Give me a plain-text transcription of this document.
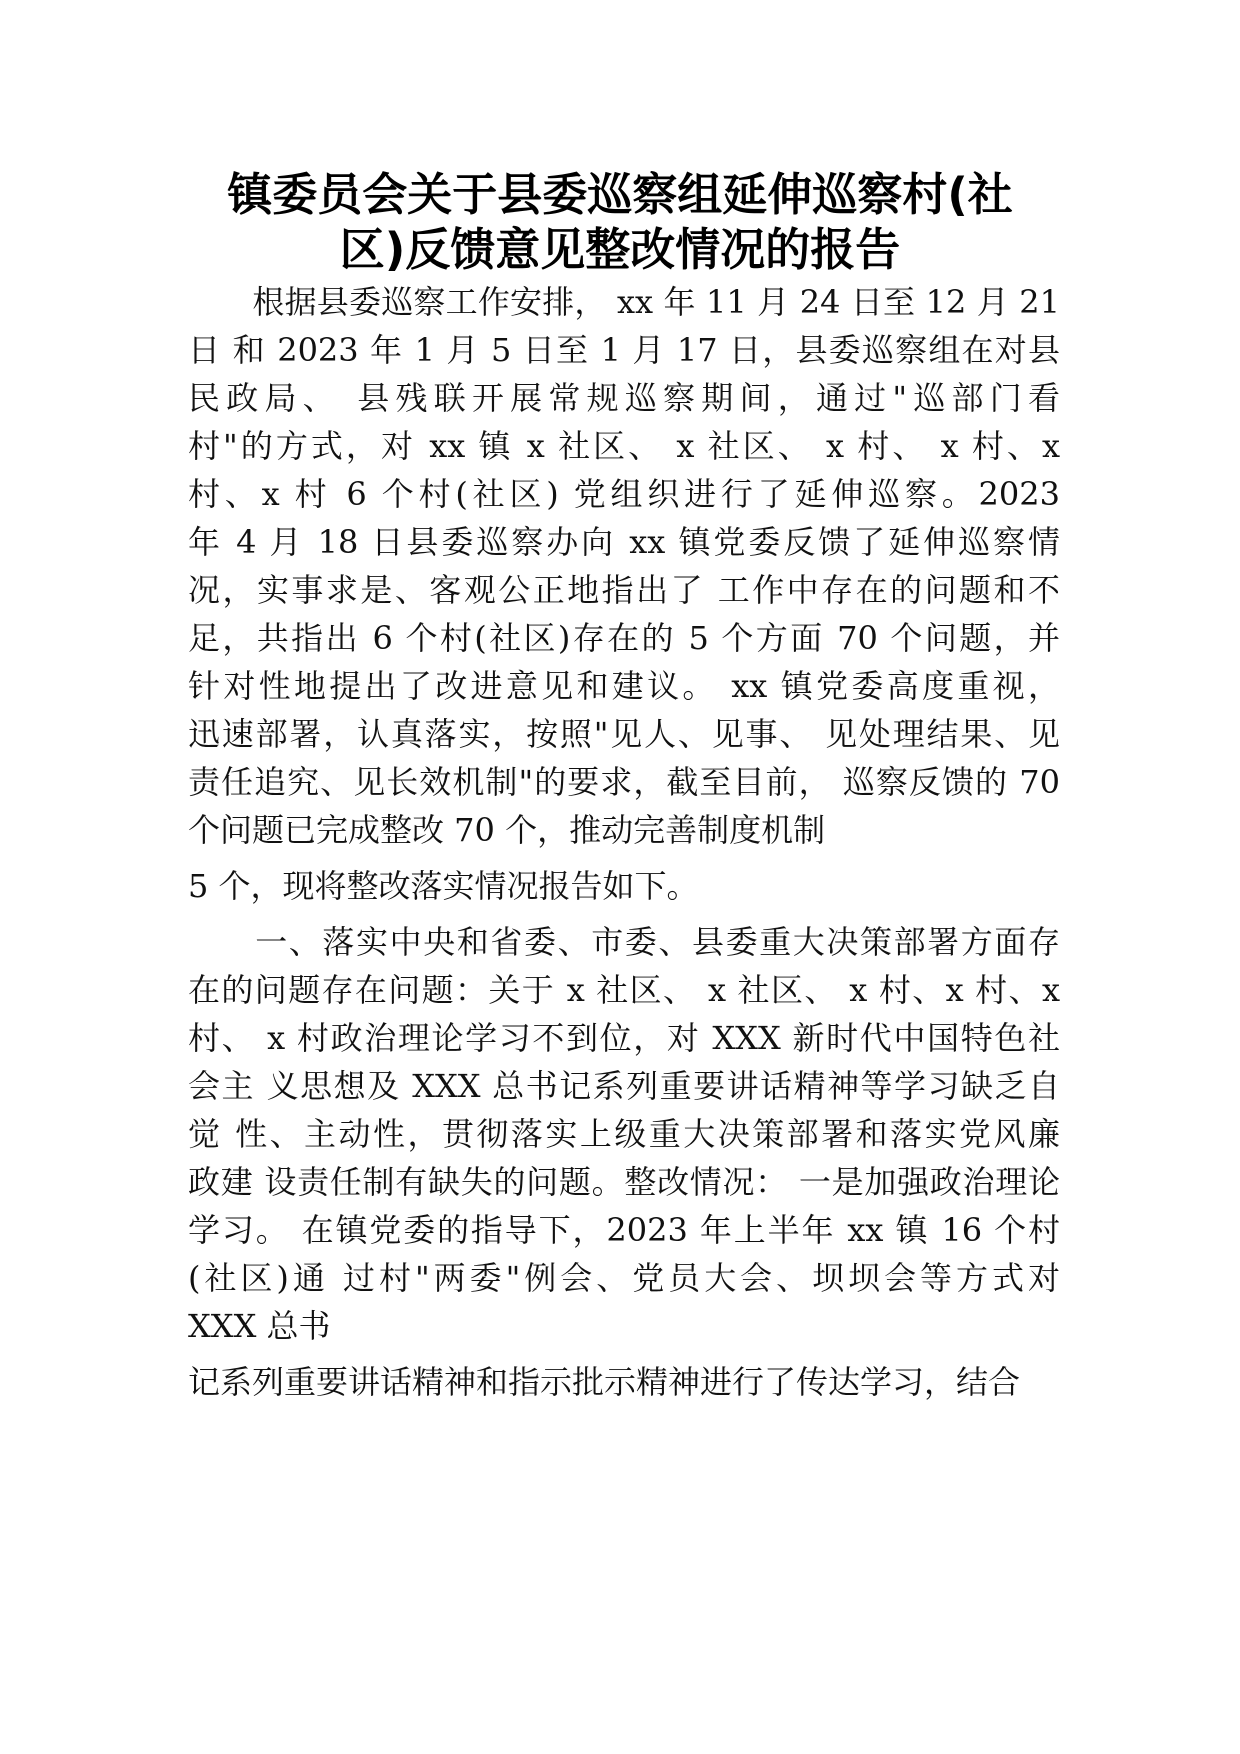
镇委员会关于县委巡察组延伸巡察村(社
区)反馈意见整改情况的报告
　　根据县委巡察工作安排， xx 年 11 月 24 日至 12 月 21
日 和 2023 年 1 月 5 日至 1 月 17 日，县委巡察组在对县
民政局、 县残联开展常规巡察期间，通过"巡部门看
村"的方式，对 xx 镇 x 社区、 x 社区、 x 村、 x 村、x
村、x 村 6 个村(社区) 党组织进行了延伸巡察。2023
年 4 月 18 日县委巡察办向 xx 镇党委反馈了延伸巡察情
况，实事求是、客观公正地指出了 工作中存在的问题和不
足，共指出 6 个村(社区)存在的 5 个方面 70 个问题，并
针对性地提出了改进意见和建议。 xx 镇党委高度重视，
迅速部署，认真落实，按照"见人、见事、 见处理结果、见
责任追究、见长效机制"的要求，截至目前， 巡察反馈的 70
个问题已完成整改 70 个，推动完善制度机制
5 个，现将整改落实情况报告如下。
　　一、落实中央和省委、市委、县委重大决策部署方面存
在的问题存在问题：关于 x 社区、 x 社区、 x 村、x 村、x
村、 x 村政治理论学习不到位，对 XXX 新时代中国特色社
会主 义思想及 XXX 总书记系列重要讲话精神等学习缺乏自
觉 性、主动性，贯彻落实上级重大决策部署和落实党风廉
政建 设责任制有缺失的问题。整改情况： 一是加强政治理论
学习。 在镇党委的指导下，2023 年上半年 xx 镇 16 个村
(社区)通 过村"两委"例会、党员大会、坝坝会等方式对
XXX 总书
记系列重要讲话精神和指示批示精神进行了传达学习，结合
